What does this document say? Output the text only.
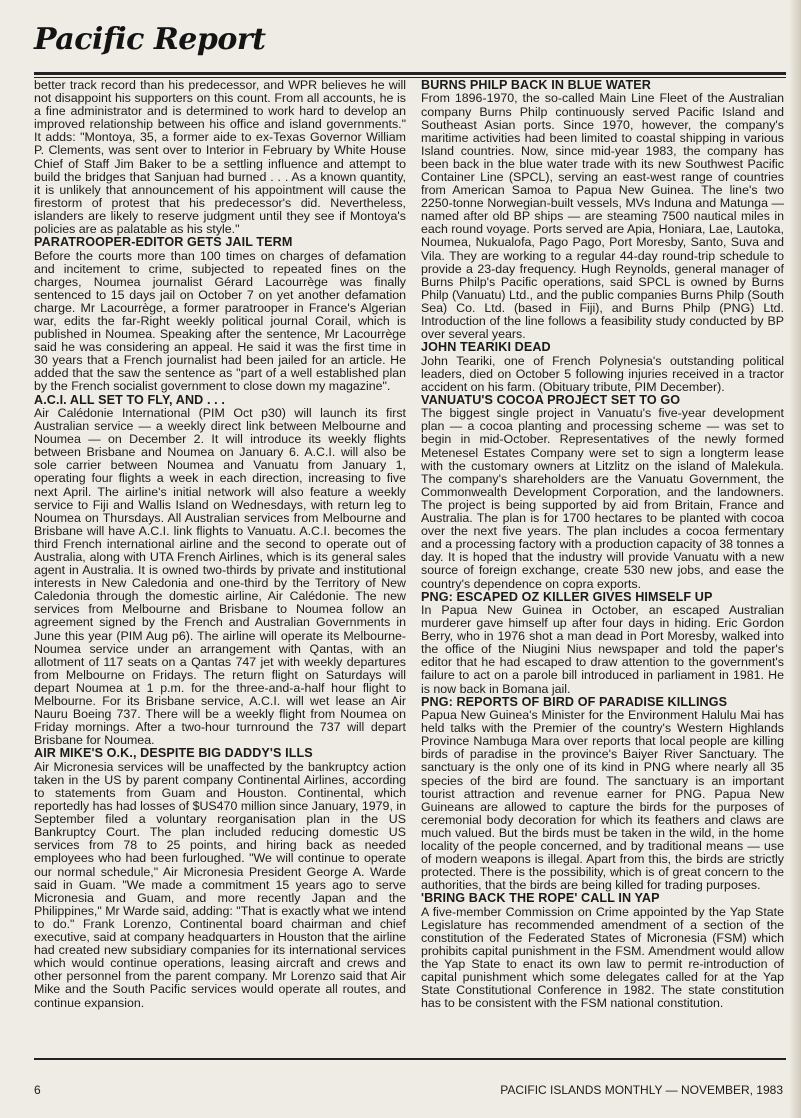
Pacific Report

better track record than his predecessor, and WPR believes he will not disappoint his supporters on this count. From all accounts, he is a fine administrator and is determined to work hard to develop an improved relationship between his office and island governments." It adds: "Montoya, 35, a former aide to ex-Texas Governor William P. Clements, was sent over to Interior in February by White House Chief of Staff Jim Baker to be a settling influence and attempt to build the bridges that Sanjuan had burned . . . As a known quantity, it is unlikely that announcement of his appointment will cause the firestorm of protest that his predecessor's did. Nevertheless, islanders are likely to reserve judgment until they see if Montoya's policies are as palatable as his style."

PARATROOPER-EDITOR GETS JAIL TERM

Before the courts more than 100 times on charges of defamation and incitement to crime, subjected to repeated fines on the charges, Noumea journalist Gérard Lacourrège was finally sentenced to 15 days jail on October 7 on yet another defamation charge. Mr Lacourrège, a former paratrooper in France's Algerian war, edits the far-Right weekly political journal Corail, which is published in Noumea. Speaking after the sentence, Mr Lacourrège said he was considering an appeal. He said it was the first time in 30 years that a French journalist had been jailed for an article. He added that the saw the sentence as "part of a well established plan by the French socialist government to close down my magazine".

A.C.I. ALL SET TO FLY, AND . . .

Air Calédonie International (PIM Oct p30) will launch its first Australian service — a weekly direct link between Melbourne and Noumea — on December 2. It will introduce its weekly flights between Brisbane and Noumea on January 6. A.C.I. will also be sole carrier between Noumea and Vanuatu from January 1, operating four flights a week in each direction, increasing to five next April. The airline's initial network will also feature a weekly service to Fiji and Wallis Island on Wednesdays, with return leg to Noumea on Thursdays. All Australian services from Melbourne and Brisbane will have A.C.I. link flights to Vanuatu. A.C.I. becomes the third French international airline and the second to operate out of Australia, along with UTA French Airlines, which is its general sales agent in Australia. It is owned two-thirds by private and institutional interests in New Caledonia and one-third by the Territory of New Caledonia through the domestic airline, Air Calédonie. The new services from Melbourne and Brisbane to Noumea follow an agreement signed by the French and Australian Governments in June this year (PIM Aug p6). The airline will operate its Melbourne-Noumea service under an arrangement with Qantas, with an allotment of 117 seats on a Qantas 747 jet with weekly departures from Melbourne on Fridays. The return flight on Saturdays will depart Noumea at 1 p.m. for the three-and-a-half hour flight to Melbourne. For its Brisbane service, A.C.I. will wet lease an Air Nauru Boeing 737. There will be a weekly flight from Noumea on Friday mornings. After a two-hour turnround the 737 will depart Brisbane for Noumea.

AIR MIKE'S O.K., DESPITE BIG DADDY'S ILLS

Air Micronesia services will be unaffected by the bankruptcy action taken in the US by parent company Continental Airlines, according to statements from Guam and Houston. Continental, which reportedly has had losses of $US470 million since January, 1979, in September filed a voluntary reorganisation plan in the US Bankruptcy Court. The plan included reducing domestic US services from 78 to 25 points, and hiring back as needed employees who had been furloughed. "We will continue to operate our normal schedule," Air Micronesia President George A. Warde said in Guam. "We made a commitment 15 years ago to serve Micronesia and Guam, and more recently Japan and the Philippines," Mr Warde said, adding: "That is exactly what we intend to do." Frank Lorenzo, Continental board chairman and chief executive, said at company headquarters in Houston that the airline had created new subsidiary companies for its international services which would continue operations, leasing aircraft and crews and other personnel from the parent company. Mr Lorenzo said that Air Mike and the South Pacific services would operate all routes, and continue expansion.

BURNS PHILP BACK IN BLUE WATER

From 1896-1970, the so-called Main Line Fleet of the Australian company Burns Philp continuously served Pacific Island and Southeast Asian ports. Since 1970, however, the company's maritime activities had been limited to coastal shipping in various Island countries. Now, since mid-year 1983, the company has been back in the blue water trade with its new Southwest Pacific Container Line (SPCL), serving an east-west range of countries from American Samoa to Papua New Guinea. The line's two 2250-tonne Norwegian-built vessels, MVs Induna and Matunga — named after old BP ships — are steaming 7500 nautical miles in each round voyage. Ports served are Apia, Honiara, Lae, Lautoka, Noumea, Nukualofa, Pago Pago, Port Moresby, Santo, Suva and Vila. They are working to a regular 44-day round-trip schedule to provide a 23-day frequency. Hugh Reynolds, general manager of Burns Philp's Pacific operations, said SPCL is owned by Burns Philp (Vanuatu) Ltd., and the public companies Burns Philp (South Sea) Co. Ltd. (based in Fiji), and Burns Philp (PNG) Ltd. Introduction of the line follows a feasibility study conducted by BP over several years.

JOHN TEARIKI DEAD

John Teariki, one of French Polynesia's outstanding political leaders, died on October 5 following injuries received in a tractor accident on his farm. (Obituary tribute, PIM December).

VANUATU'S COCOA PROJECT SET TO GO

The biggest single project in Vanuatu's five-year development plan — a cocoa planting and processing scheme — was set to begin in mid-October. Representatives of the newly formed Metenesel Estates Company were set to sign a longterm lease with the customary owners at Litzlitz on the island of Malekula. The company's shareholders are the Vanuatu Government, the Commonwealth Development Corporation, and the landowners. The project is being supported by aid from Britain, France and Australia. The plan is for 1700 hectares to be planted with cocoa over the next five years. The plan includes a cocoa fermentary and a processing factory with a production capacity of 38 tonnes a day. It is hoped that the industry will provide Vanuatu with a new source of foreign exchange, create 530 new jobs, and ease the country's dependence on copra exports.

PNG: ESCAPED OZ KILLER GIVES HIMSELF UP

In Papua New Guinea in October, an escaped Australian murderer gave himself up after four days in hiding. Eric Gordon Berry, who in 1976 shot a man dead in Port Moresby, walked into the office of the Niugini Nius newspaper and told the paper's editor that he had escaped to draw attention to the government's failure to act on a parole bill introduced in parliament in 1981. He is now back in Bomana jail.

PNG: REPORTS OF BIRD OF PARADISE KILLINGS

Papua New Guinea's Minister for the Environment Halulu Mai has held talks with the Premier of the country's Western Highlands Province Nambuga Mara over reports that local people are killing birds of paradise in the province's Baiyer River Sanctuary. The sanctuary is the only one of its kind in PNG where nearly all 35 species of the bird are found. The sanctuary is an important tourist attraction and revenue earner for PNG. Papua New Guineans are allowed to capture the birds for the purposes of ceremonial body decoration for which its feathers and claws are much valued. But the birds must be taken in the wild, in the home locality of the people concerned, and by traditional means — use of modern weapons is illegal. Apart from this, the birds are strictly protected. There is the possibility, which is of great concern to the authorities, that the birds are being killed for trading purposes.

'BRING BACK THE ROPE' CALL IN YAP

A five-member Commission on Crime appointed by the Yap State Legislature has recommended amendment of a section of the constitution of the Federated States of Micronesia (FSM) which prohibits capital punishment in the FSM. Amendment would allow the Yap State to enact its own law to permit re-introduction of capital punishment which some delegates called for at the Yap State Constitutional Conference in 1982. The state constitution has to be consistent with the FSM national constitution.

6	PACIFIC ISLANDS MONTHLY — NOVEMBER, 1983
